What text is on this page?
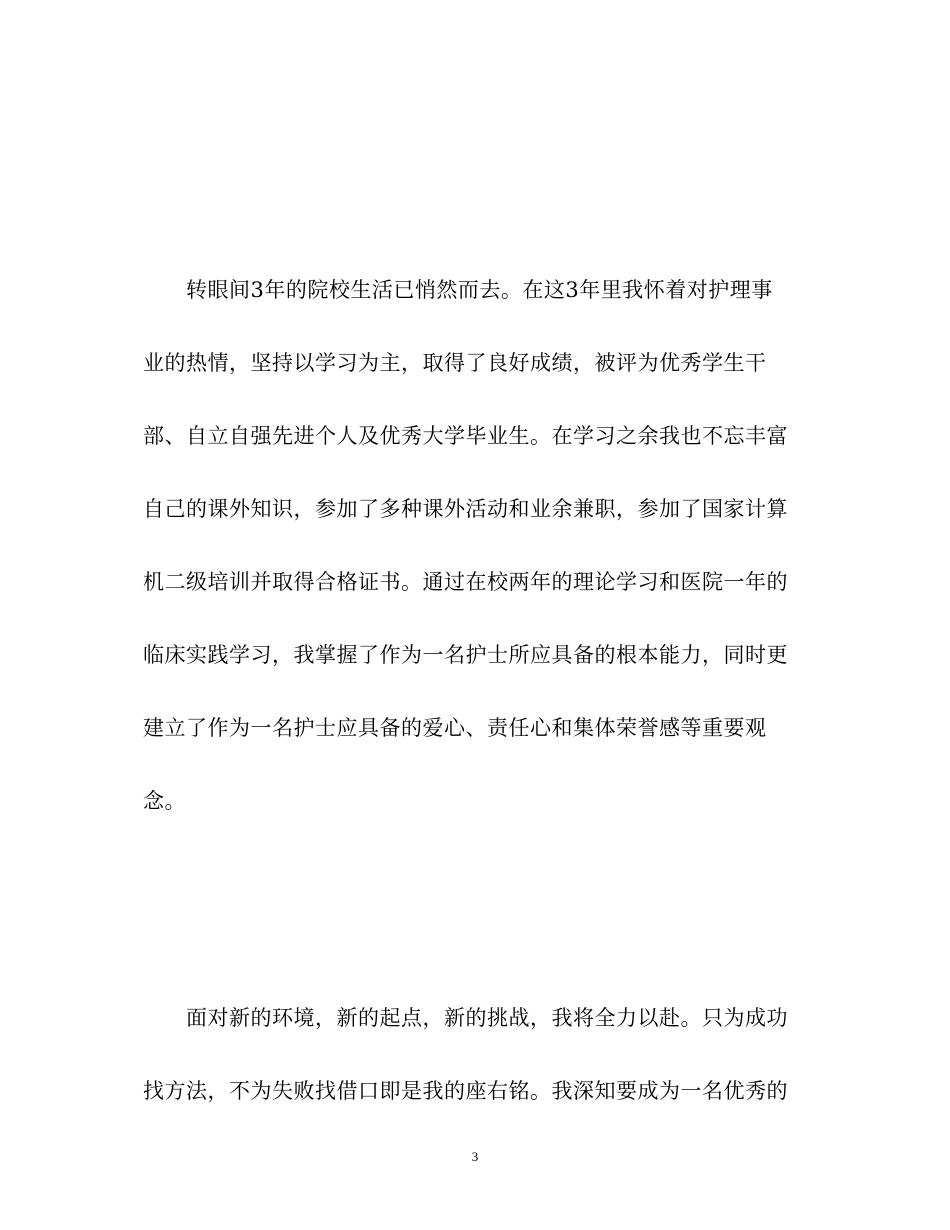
转眼间3年的院校生活已悄然而去。在这3年里我怀着对护理事
业的热情，坚持以学习为主，取得了良好成绩，被评为优秀学生干
部、自立自强先进个人及优秀大学毕业生。在学习之余我也不忘丰富
自己的课外知识，参加了多种课外活动和业余兼职，参加了国家计算
机二级培训并取得合格证书。通过在校两年的理论学习和医院一年的
临床实践学习，我掌握了作为一名护士所应具备的根本能力，同时更
建立了作为一名护士应具备的爱心、责任心和集体荣誉感等重要观
念。
面对新的环境，新的起点，新的挑战，我将全力以赴。只为成功
找方法，不为失败找借口即是我的座右铭。我深知要成为一名优秀的
3
